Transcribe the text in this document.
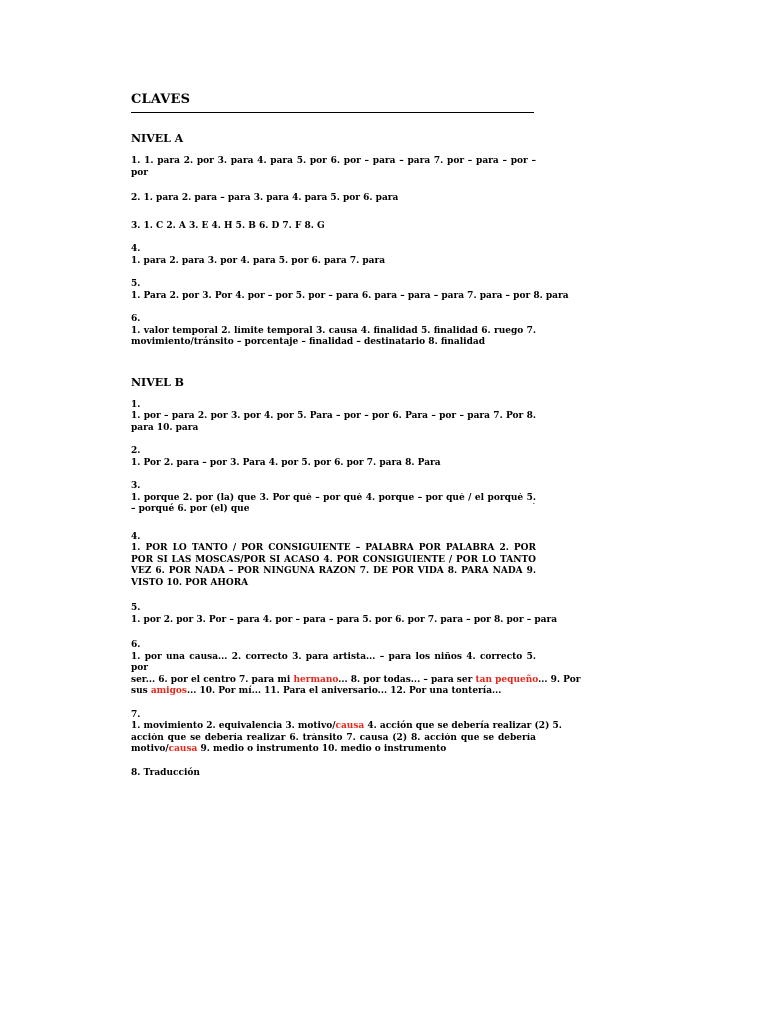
CLAVES
NIVEL A
1. 1. para 2. por 3. para 4. para 5. por 6. por – para – para 7. por – para – por –
por
2. 1. para 2. para – para 3. para 4. para 5. por 6. para
3. 1. C 2. A 3. E 4. H 5. B 6. D 7. F 8. G
4.
1. para 2. para 3. por 4. para 5. por 6. para 7. para
5.
1. Para 2. por 3. Por 4. por – por 5. por – para 6. para – para – para 7. para – por 8. para
6.
1. valor temporal 2. límite temporal 3. causa 4. finalidad 5. finalidad 6. ruego 7.
movimiento/tránsito – porcentaje – finalidad – destinatario 8. finalidad
NIVEL B
1.
1. por – para 2. por 3. por 4. por 5. Para – por – por 6. Para – por – para 7. Por 8.
para 10. para
2.
1. Por 2. para – por 3. Para 4. por 5. por 6. por 7. para 8. Para
3.
1. porque 2. por (la) que 3. Por qué – por qué 4. porque – por qué / el porqué 5.
– porqué 6. por (el) que
4.
1. POR LO TANTO / POR CONSIGUIENTE – PALABRA POR PALABRA 2. POR
POR SI LAS MOSCAS/POR SI ACASO 4. POR CONSIGUIENTE / POR LO TANTO
VEZ 6. POR NADA – POR NINGUNA RAZÓN 7. DE POR VIDA 8. PARA NADA 9.
VISTO 10. POR AHORA
5.
1. por 2. por 3. Por – para 4. por – para – para 5. por 6. por 7. para – por 8. por – para
6.
1. por una causa... 2. correcto 3. para artista... – para los niños 4. correcto 5.
por
ser... 6. por el centro 7. para mi hermano... 8. por todas... – para ser tan pequeño... 9. Por
sus amigos... 10. Por mí... 11. Para el aniversario... 12. Por una tontería...
7.
1. movimiento 2. equivalencia 3. motivo/causa 4. acción que se debería realizar (2) 5.
acción que se debería realizar 6. tránsito 7. causa (2) 8. acción que se debería
motivo/causa 9. medio o instrumento 10. medio o instrumento
8. Traducción
